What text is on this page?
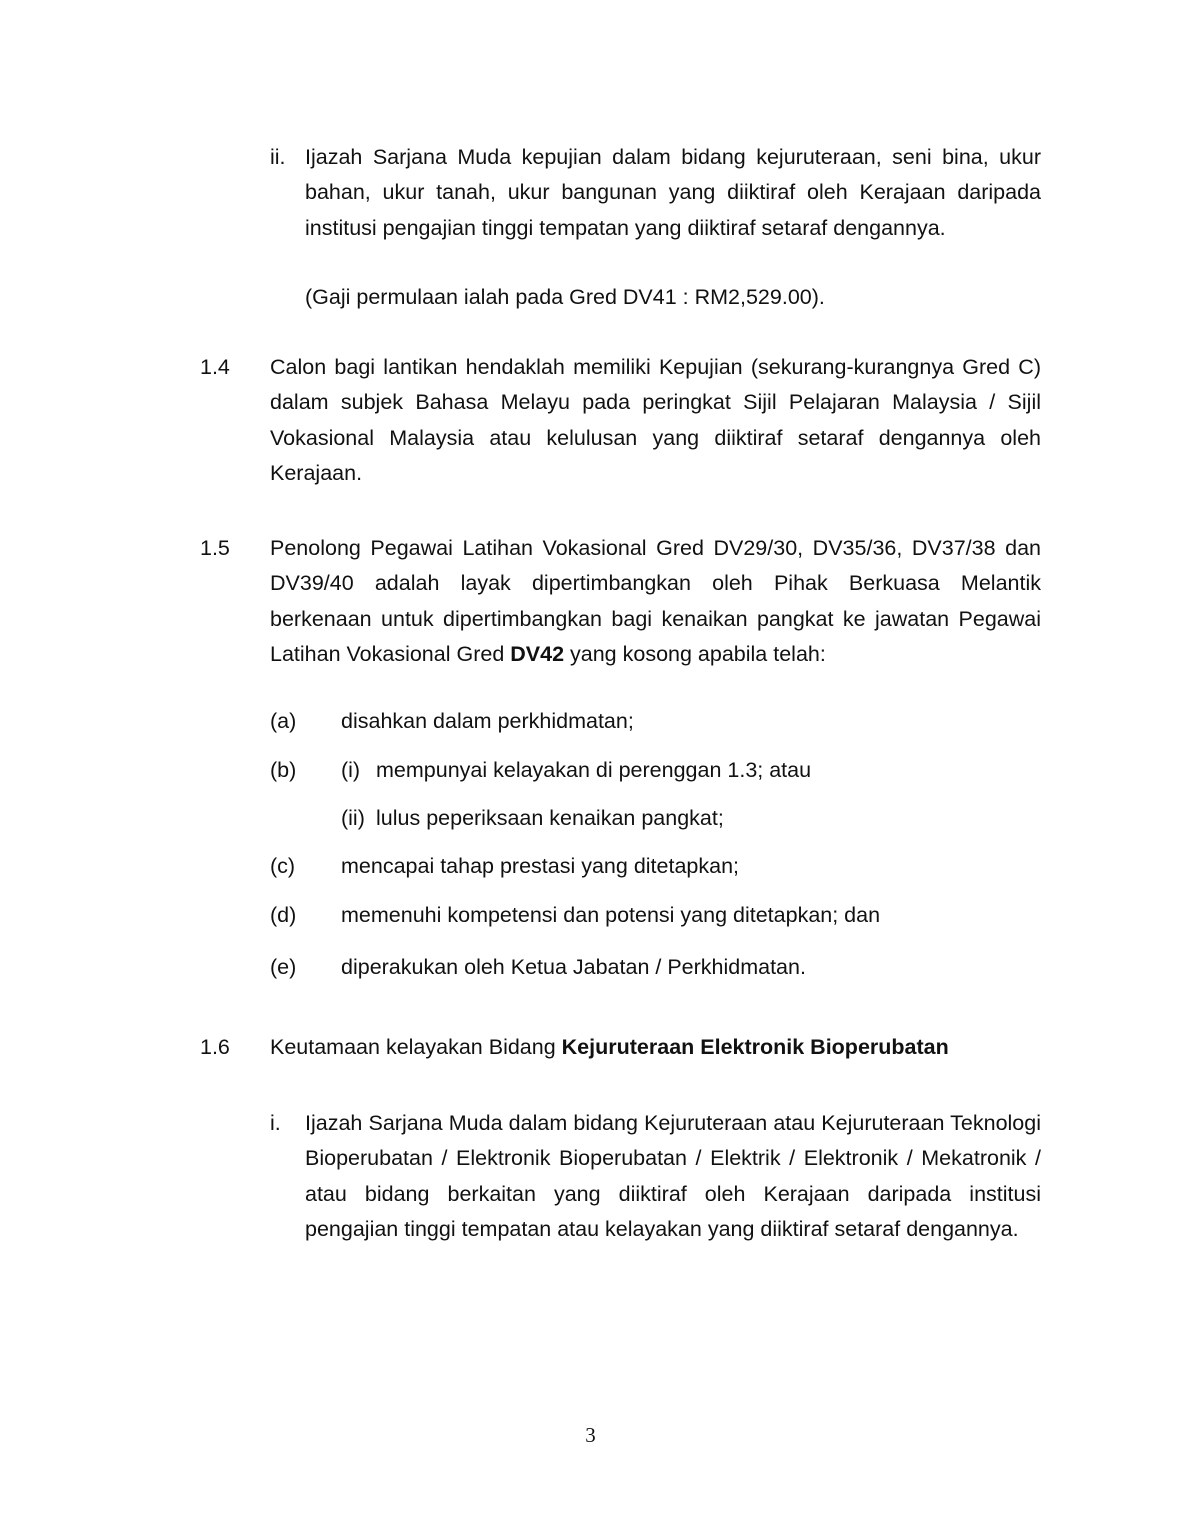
ii. Ijazah Sarjana Muda kepujian dalam bidang kejuruteraan, seni bina, ukur bahan, ukur tanah, ukur bangunan yang diiktiraf oleh Kerajaan daripada institusi pengajian tinggi tempatan yang diiktiraf setaraf dengannya.

(Gaji permulaan ialah pada Gred DV41 : RM2,529.00).
1.4 Calon bagi lantikan hendaklah memiliki Kepujian (sekurang-kurangnya Gred C) dalam subjek Bahasa Melayu pada peringkat Sijil Pelajaran Malaysia / Sijil Vokasional Malaysia atau kelulusan yang diiktiraf setaraf dengannya oleh Kerajaan.

1.5 Penolong Pegawai Latihan Vokasional Gred DV29/30, DV35/36, DV37/38 dan DV39/40 adalah layak dipertimbangkan oleh Pihak Berkuasa Melantik berkenaan untuk dipertimbangkan bagi kenaikan pangkat ke jawatan Pegawai Latihan Vokasional Gred DV42 yang kosong apabila telah:

(a) disahkan dalam perkhidmatan;
(b) (i) mempunyai kelayakan di perenggan 1.3; atau
(ii) lulus peperiksaan kenaikan pangkat;
(c) mencapai tahap prestasi yang ditetapkan;
(d) memenuhi kompetensi dan potensi yang ditetapkan; dan
(e) diperakukan oleh Ketua Jabatan / Perkhidmatan.
1.6 Keutamaan kelayakan Bidang Kejuruteraan Elektronik Bioperubatan
i. Ijazah Sarjana Muda dalam bidang Kejuruteraan atau Kejuruteraan Teknologi Bioperubatan / Elektronik Bioperubatan / Elektrik / Elektronik / Mekatronik / atau bidang berkaitan yang diiktiraf oleh Kerajaan daripada institusi pengajian tinggi tempatan atau kelayakan yang diiktiraf setaraf dengannya.

3
